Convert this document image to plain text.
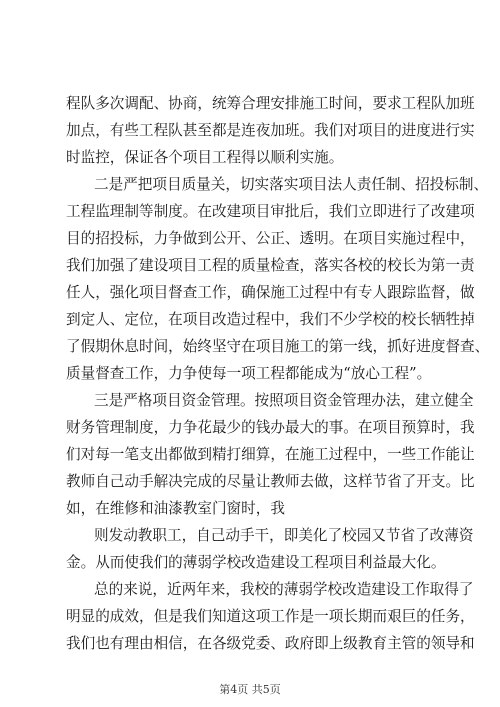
程队多次调配、协商，统筹合理安排施工时间，要求工程队加班
加点，有些工程队甚至都是连夜加班。我们对项目的进度进行实
时监控，保证各个项目工程得以顺利实施。
二是严把项目质量关，切实落实项目法人责任制、招投标制、
工程监理制等制度。在改建项目审批后，我们立即进行了改建项
目的招投标，力争做到公开、公正、透明。在项目实施过程中，
我们加强了建设项目工程的质量检查，落实各校的校长为第一责
任人，强化项目督查工作，确保施工过程中有专人跟踪监督，做
到定人、定位，在项目改造过程中，我们不少学校的校长牺牲掉
了假期休息时间，始终坚守在项目施工的第一线，抓好进度督查、
质量督查工作，力争使每一项工程都能成为“放心工程”。
三是严格项目资金管理。按照项目资金管理办法，建立健全
财务管理制度，力争花最少的钱办最大的事。在项目预算时，我
们对每一笔支出都做到精打细算，在施工过程中，一些工作能让
教师自己动手解决完成的尽量让教师去做，这样节省了开支。比
如，在维修和油漆教室门窗时，我
则发动教职工，自己动手干，即美化了校园又节省了改薄资
金。从而使我们的薄弱学校改造建设工程项目利益最大化。
总的来说，近两年来，我校的薄弱学校改造建设工作取得了
明显的成效，但是我们知道这项工作是一项长期而艰巨的任务，
我们也有理由相信，在各级党委、政府即上级教育主管的领导和
第4页 共5页
